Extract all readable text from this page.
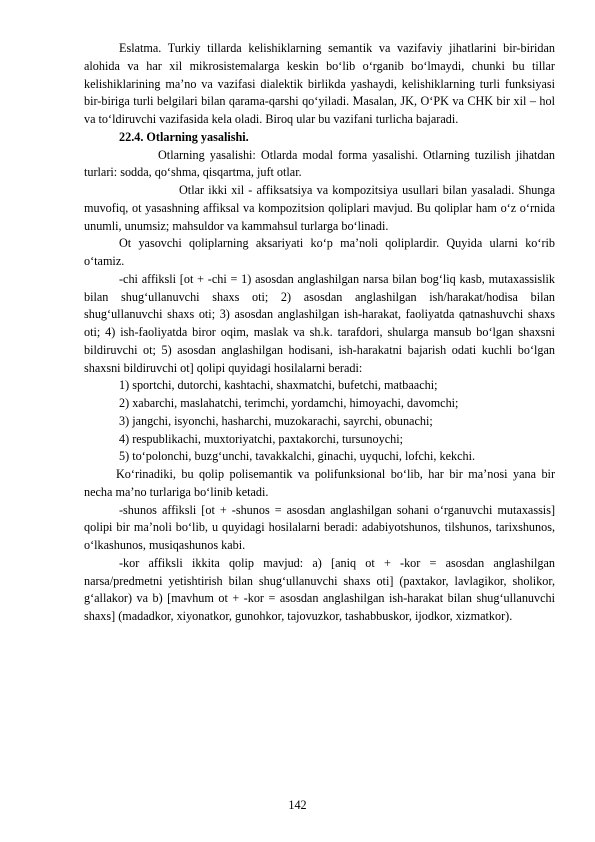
Eslatma. Turkiy tillarda kelishiklarning semantik va vazifaviy jihatlarini bir-biridan alohida va har xil mikrosistemalarga keskin bo‘lib o‘rganib bo‘lmaydi, chunki bu tillar kelishiklarining ma’no va vazifasi dialektik birlikda yashaydi, kelishiklarning turli funksiyasi bir-biriga turli belgilari bilan qarama-qarshi qo‘yiladi. Masalan, JK, O‘PK va CHK bir xil – hol va to‘ldiruvchi vazifasida kela oladi. Biroq ular bu vazifani turlicha bajaradi.

22.4. Otlarning yasalishi.

Otlarning yasalishi: Otlarda modal forma yasalishi. Otlarning tuzilish jihatdan turlari: sodda, qo‘shma, qisqartma, juft otlar.

Otlar ikki xil - affiksatsiya va kompozitsiya usullari bilan yasaladi. Shunga muvofiq, ot yasashning affiksal va kompozitsion qoliplari mavjud. Bu qoliplar ham o‘z o‘rnida unumli, unumsiz; mahsuldor va kammahsul turlarga bo‘linadi.

Ot yasovchi qoliplarning aksariyati ko‘p ma’noli qoliplardir. Quyida ularni ko‘rib o‘tamiz.

-chi affiksli [ot + -chi = 1) asosdan anglashilgan narsa bilan bog‘liq kasb, mutaxassislik bilan shug‘ullanuvchi shaxs oti; 2) asosdan anglashilgan ish/harakat/hodisa bilan shug‘ullanuvchi shaxs oti; 3) asosdan anglashilgan ish-harakat, faoliyatda qatnashuvchi shaxs oti; 4) ish-faoliyatda biror oqim, maslak va sh.k. tarafdori, shularga mansub bo‘lgan shaxsni bildiruvchi ot; 5) asosdan anglashilgan hodisani, ish-harakatni bajarish odati kuchli bo‘lgan shaxsni bildiruvchi ot] qolipi quyidagi hosilalarni beradi:

1) sportchi, dutorchi, kashtachi, shaxmatchi, bufetchi, matbaachi;

2) xabarchi, maslahatchi, terimchi, yordamchi, himoyachi, davomchi;

3) jangchi, isyonchi, hasharchi, muzokarachi, sayrchi, obunachi;

4) respublikachi, muxtoriyatchi, paxtakorchi, tursunoychi;

5) to‘polonchi, buzg‘unchi, tavakkalchi, ginachi, uyquchi, lofchi, kekchi.

Ko‘rinadiki, bu qolip polisemantik va polifunksional bo‘lib, har bir ma’nosi yana bir necha ma’no turlariga bo‘linib ketadi.

-shunos affiksli [ot + -shunos = asosdan anglashilgan sohani o‘rganuvchi mutaxassis] qolipi bir ma’noli bo‘lib, u quyidagi hosilalarni beradi: adabiyotshunos, tilshunos, tarixshunos, o‘lkashunos, musiqashunos kabi.

-kor affiksli ikkita qolip mavjud: a) [aniq ot + -kor = asosdan anglashilgan narsa/predmetni yetishtirish bilan shug‘ullanuvchi shaxs oti] (paxtakor, lavlagikor, sholikor, g‘allakor) va b) [mavhum ot + -kor = asosdan anglashilgan ish-harakat bilan shug‘ullanuvchi shaxs] (madadkor, xiyonatkor, gunohkor, tajovuzkor, tashabbuskor, ijodkor, xizmatkor).

142
